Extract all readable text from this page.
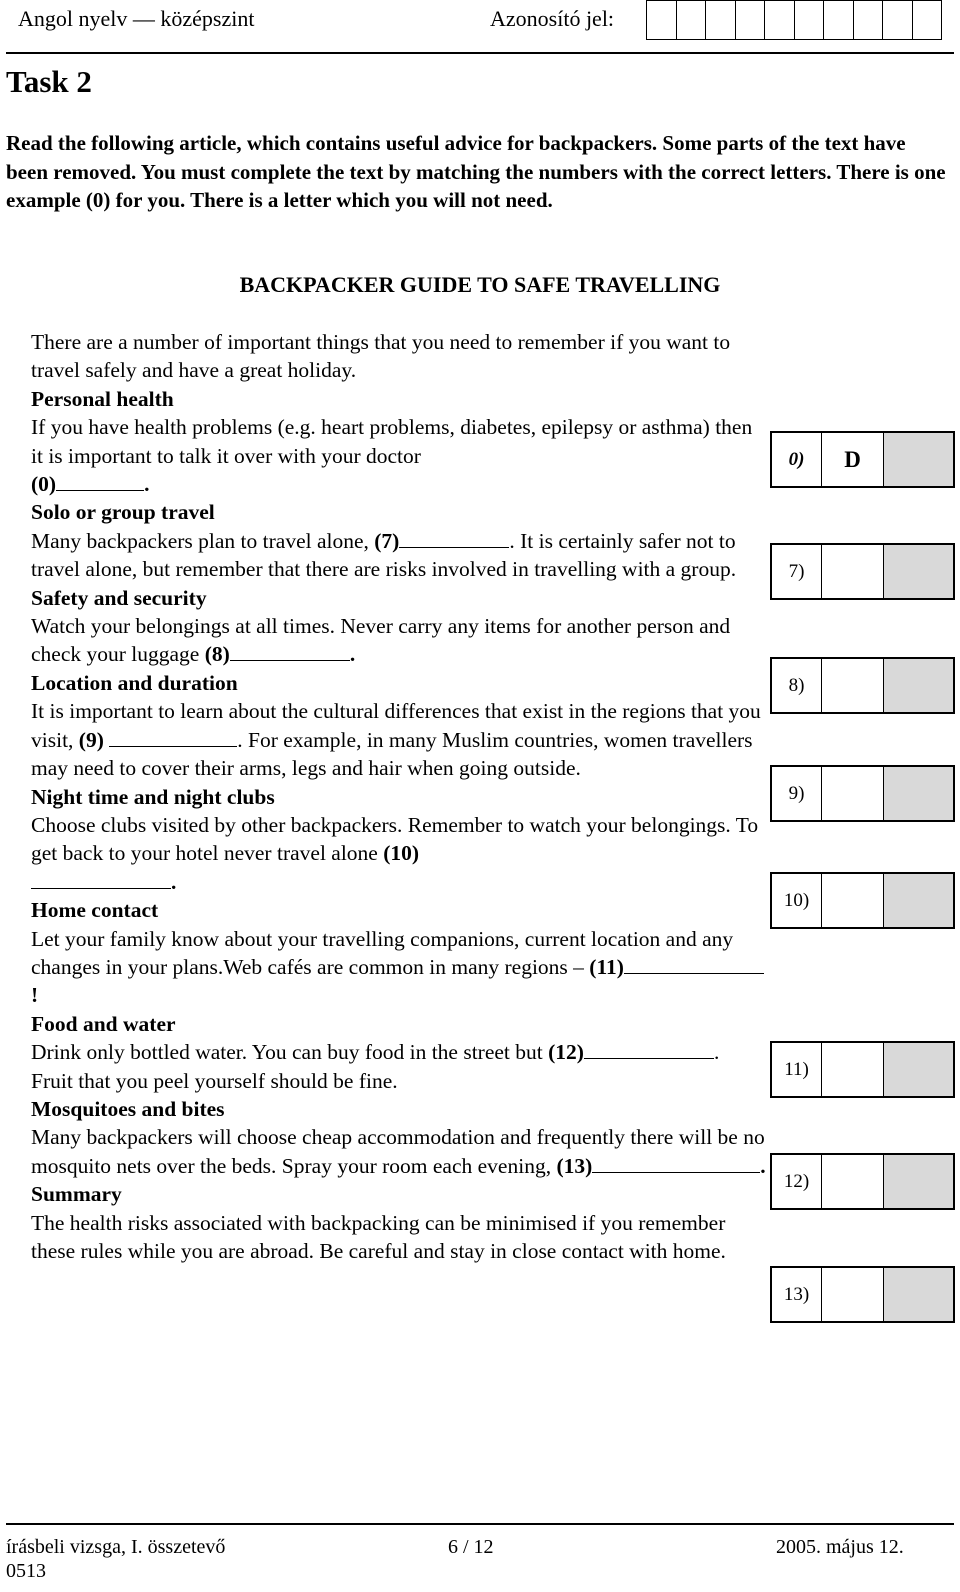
Angol nyelv — középszint	Azonosító jel:
Task 2
Read the following article, which contains useful advice for backpackers. Some parts of the text have been removed. You must complete the text by matching the numbers with the correct letters. There is one example (0) for you. There is a letter which you will not need.
BACKPACKER GUIDE TO SAFE TRAVELLING
There are a number of important things that you need to remember if you want to travel safely and have a great holiday.
Personal health
If you have health problems (e.g. heart problems, diabetes, epilepsy or asthma) then it is important to talk it over with your doctor
(0)	.
Solo or group travel
Many backpackers plan to travel alone, (7)	. It is certainly safer not to travel alone, but remember that there are risks involved in travelling with a group.
Safety and security
Watch your belongings at all times. Never carry any items for another person and check your luggage (8)	.
Location and duration
It is important to learn about the cultural differences that exist in the regions that you visit, (9)	. For example, in many Muslim countries, women travellers may need to cover their arms, legs and hair when going outside.
Night time and night clubs
Choose clubs visited by other backpackers. Remember to watch your belongings. To get back to your hotel never travel alone (10)
.
Home contact
Let your family know about your travelling companions, current location and any changes in your plans.Web cafés are common in many regions – (11)!
Food and water
Drink only bottled water. You can buy food in the street but (12)	. Fruit that you peel yourself should be fine.
Mosquitoes and bites
Many backpackers will choose cheap accommodation and frequently there will be no mosquito nets over the beds. Spray your room each evening, (13)	.
Summary
The health risks associated with backpacking can be minimised if you remember these rules while you are abroad. Be careful and stay in close contact with home.
0)	D
7)
8)
9)
10)
11)
12)
13)
írásbeli vizsga, I. összetevő
0513
6 / 12	2005. május 12.
